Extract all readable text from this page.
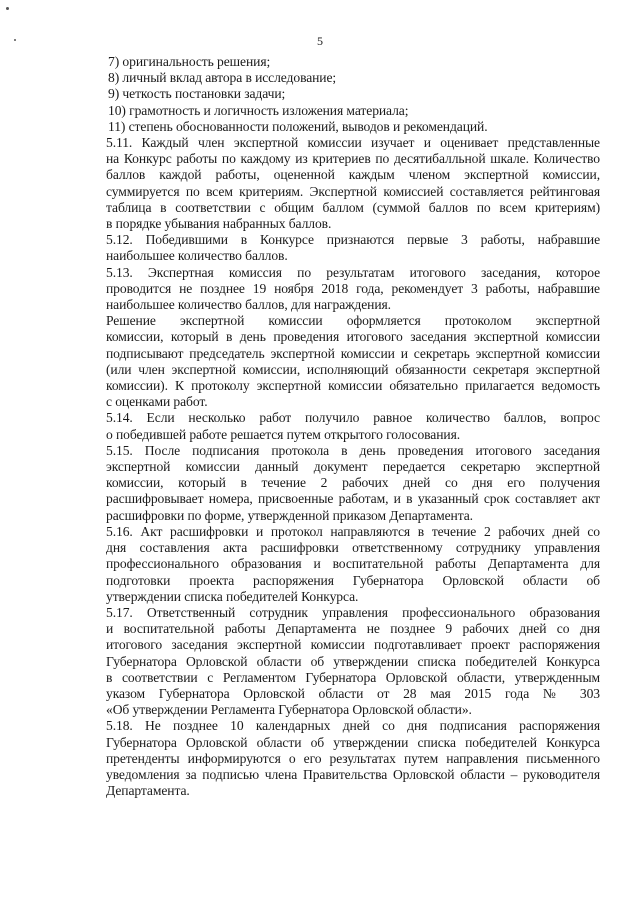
5
7) оригинальность решения;
8) личный вклад автора в исследование;
9) четкость постановки задачи;
10) грамотность и логичность изложения материала;
11) степень обоснованности положений, выводов и рекомендаций.
5.11. Каждый член экспертной комиссии изучает и оценивает представленные
на Конкурс работы по каждому из критериев по десятибалльной шкале. Количество
баллов каждой работы, оцененной каждым членом экспертной комиссии,
суммируется по всем критериям. Экспертной комиссией составляется рейтинговая
таблица в соответствии с общим баллом (суммой баллов по всем критериям)
в порядке убывания набранных баллов.
5.12. Победившими в Конкурсе признаются первые 3 работы, набравшие
наибольшее количество баллов.
5.13. Экспертная комиссия по результатам итогового заседания, которое
проводится не позднее 19 ноября 2018 года, рекомендует 3 работы, набравшие
наибольшее количество баллов, для награждения.
Решение экспертной комиссии оформляется протоколом экспертной
комиссии, который в день проведения итогового заседания экспертной комиссии
подписывают председатель экспертной комиссии и секретарь экспертной комиссии
(или член экспертной комиссии, исполняющий обязанности секретаря экспертной
комиссии). К протоколу экспертной комиссии обязательно прилагается ведомость
с оценками работ.
5.14. Если несколько работ получило равное количество баллов, вопрос
о победившей работе решается путем открытого голосования.
5.15. После подписания протокола в день проведения итогового заседания
экспертной комиссии данный документ передается секретарю экспертной
комиссии, который в течение 2 рабочих дней со дня его получения
расшифровывает номера, присвоенные работам, и в указанный срок составляет акт
расшифровки по форме, утвержденной приказом Департамента.
5.16. Акт расшифровки и протокол направляются в течение 2 рабочих дней со
дня составления акта расшифровки ответственному сотруднику управления
профессионального образования и воспитательной работы Департамента для
подготовки проекта распоряжения Губернатора Орловской области об
утверждении списка победителей Конкурса.
5.17. Ответственный сотрудник управления профессионального образования
и воспитательной работы Департамента не позднее 9 рабочих дней со дня
итогового заседания экспертной комиссии подготавливает проект распоряжения
Губернатора Орловской области об утверждении списка победителей Конкурса
в соответствии с Регламентом Губернатора Орловской области, утвержденным
указом Губернатора Орловской области от 28 мая 2015 года № 303
«Об утверждении Регламента Губернатора Орловской области».
5.18. Не позднее 10 календарных дней со дня подписания распоряжения
Губернатора Орловской области об утверждении списка победителей Конкурса
претенденты информируются о его результатах путем направления письменного
уведомления за подписью члена Правительства Орловской области – руководителя
Департамента.
